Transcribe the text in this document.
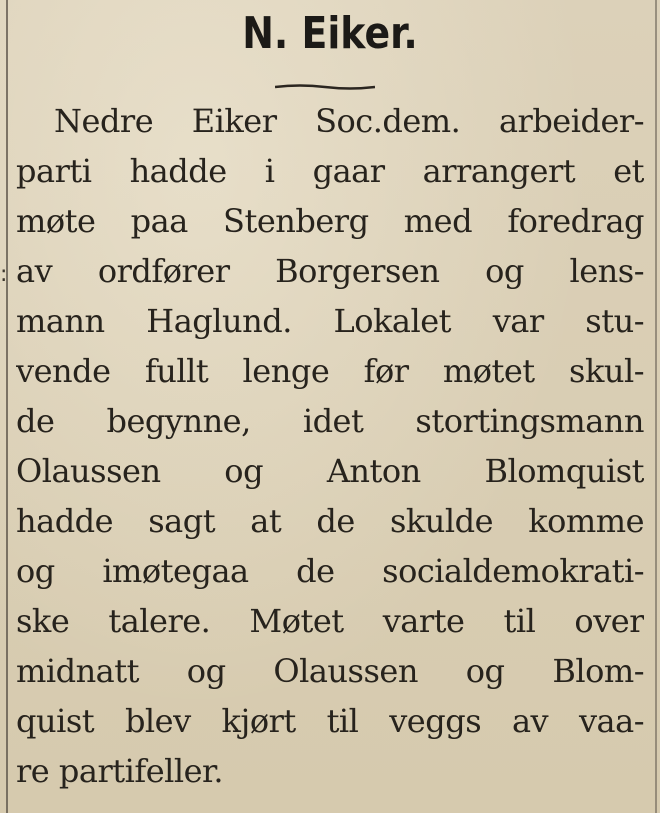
N. Eiker.
:
Nedre Eiker Soc.dem. arbeider-
parti hadde i gaar arrangert et
møte paa Stenberg med foredrag
av ordfører Borgersen og lens-
mann Haglund. Lokalet var stu-
vende fullt lenge før møtet skul-
de begynne, idet stortingsmann
Olaussen og Anton Blomquist
hadde sagt at de skulde komme
og imøtegaa de socialdemokrati-
ske talere. Møtet varte til over
midnatt og Olaussen og Blom-
quist blev kjørt til veggs av vaa-
re partifeller.
